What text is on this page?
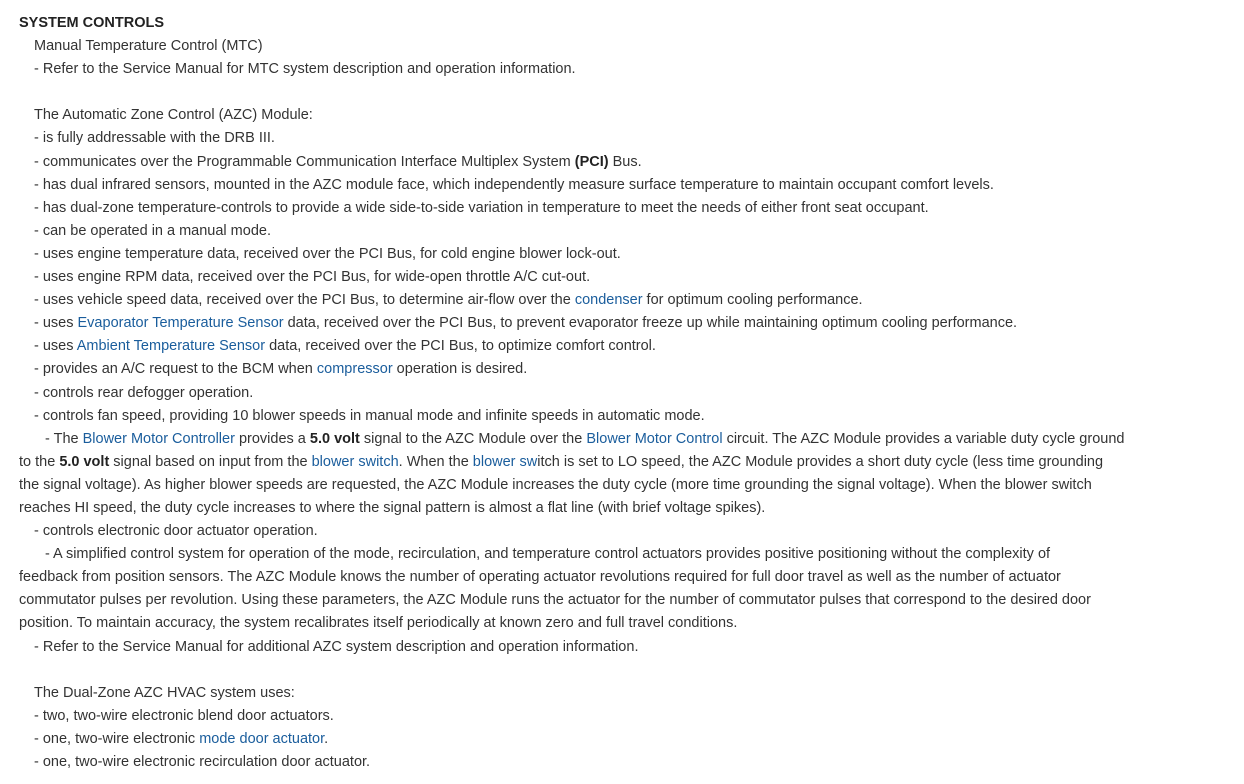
SYSTEM CONTROLS
Manual Temperature Control (MTC)
- Refer to the Service Manual for MTC system description and operation information.
The Automatic Zone Control (AZC) Module:
- is fully addressable with the DRB III.
- communicates over the Programmable Communication Interface Multiplex System (PCI) Bus.
- has dual infrared sensors, mounted in the AZC module face, which independently measure surface temperature to maintain occupant comfort levels.
- has dual-zone temperature-controls to provide a wide side-to-side variation in temperature to meet the needs of either front seat occupant.
- can be operated in a manual mode.
- uses engine temperature data, received over the PCI Bus, for cold engine blower lock-out.
- uses engine RPM data, received over the PCI Bus, for wide-open throttle A/C cut-out.
- uses vehicle speed data, received over the PCI Bus, to determine air-flow over the condenser for optimum cooling performance.
- uses Evaporator Temperature Sensor data, received over the PCI Bus, to prevent evaporator freeze up while maintaining optimum cooling performance.
- uses Ambient Temperature Sensor data, received over the PCI Bus, to optimize comfort control.
- provides an A/C request to the BCM when compressor operation is desired.
- controls rear defogger operation.
- controls fan speed, providing 10 blower speeds in manual mode and infinite speeds in automatic mode.
- The Blower Motor Controller provides a 5.0 volt signal to the AZC Module over the Blower Motor Control circuit. The AZC Module provides a variable duty cycle ground
to the 5.0 volt signal based on input from the blower switch. When the blower switch is set to LO speed, the AZC Module provides a short duty cycle (less time grounding
the signal voltage). As higher blower speeds are requested, the AZC Module increases the duty cycle (more time grounding the signal voltage). When the blower switch
reaches HI speed, the duty cycle increases to where the signal pattern is almost a flat line (with brief voltage spikes).
- controls electronic door actuator operation.
- A simplified control system for operation of the mode, recirculation, and temperature control actuators provides positive positioning without the complexity of
feedback from position sensors. The AZC Module knows the number of operating actuator revolutions required for full door travel as well as the number of actuator
commutator pulses per revolution. Using these parameters, the AZC Module runs the actuator for the number of commutator pulses that correspond to the desired door
position. To maintain accuracy, the system recalibrates itself periodically at known zero and full travel conditions.
- Refer to the Service Manual for additional AZC system description and operation information.
The Dual-Zone AZC HVAC system uses:
- two, two-wire electronic blend door actuators.
- one, two-wire electronic mode door actuator.
- one, two-wire electronic recirculation door actuator.
